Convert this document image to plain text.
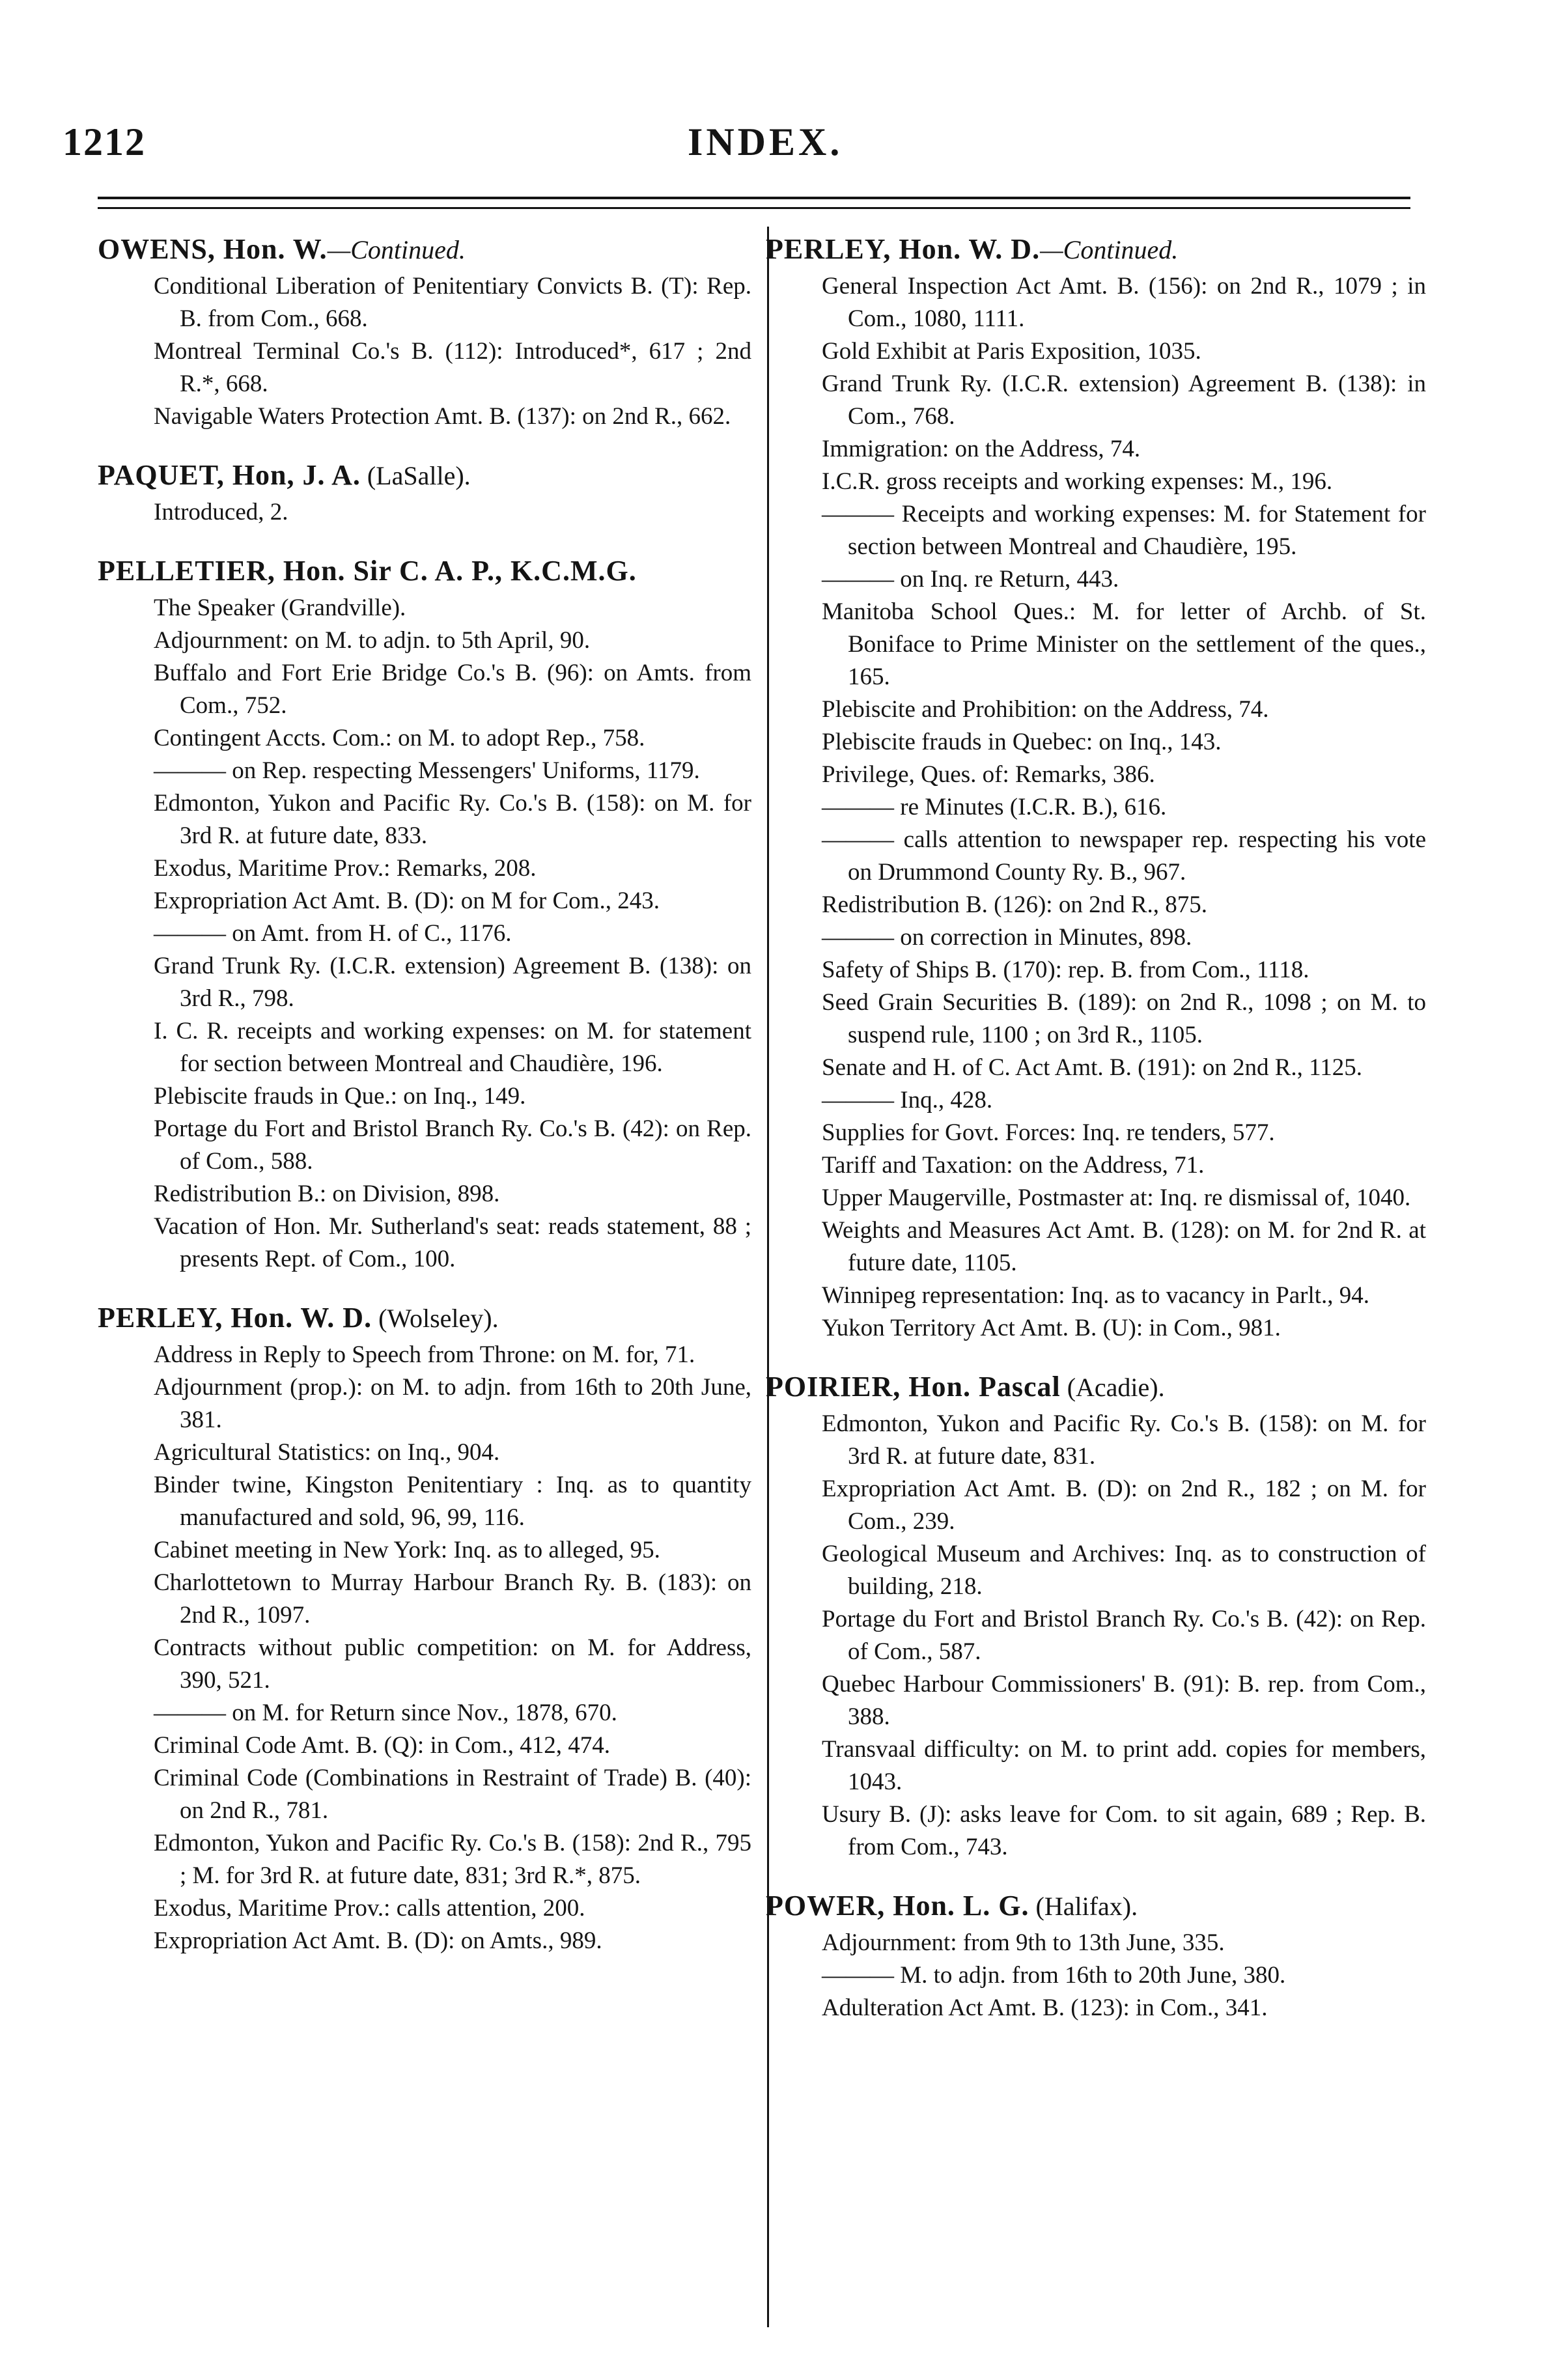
1212	INDEX.
OWENS, Hon. W.—Continued.
Conditional Liberation of Penitentiary Convicts B. (T): Rep. B. from Com., 668.
Montreal Terminal Co.'s B. (112): Introduced*, 617 ; 2nd R.*, 668.
Navigable Waters Protection Amt. B. (137): on 2nd R., 662.
PAQUET, Hon, J. A. (LaSalle).
Introduced, 2.
PELLETIER, Hon. Sir C. A. P., K.C.M.G.
The Speaker (Grandville).
Adjournment: on M. to adjn. to 5th April, 90.
Buffalo and Fort Erie Bridge Co.'s B. (96): on Amts. from Com., 752.
Contingent Accts. Com.: on M. to adopt Rep., 758.
——— on Rep. respecting Messengers' Uniforms, 1179.
Edmonton, Yukon and Pacific Ry. Co.'s B. (158): on M. for 3rd R. at future date, 833.
Exodus, Maritime Prov.: Remarks, 208.
Expropriation Act Amt. B. (D): on M for Com., 243.
——— on Amt. from H. of C., 1176.
Grand Trunk Ry. (I.C.R. extension) Agreement B. (138): on 3rd R., 798.
I. C. R. receipts and working expenses: on M. for statement for section between Montreal and Chaudière, 196.
Plebiscite frauds in Que.: on Inq., 149.
Portage du Fort and Bristol Branch Ry. Co.'s B. (42): on Rep. of Com., 588.
Redistribution B.: on Division, 898.
Vacation of Hon. Mr. Sutherland's seat: reads statement, 88 ; presents Rept. of Com., 100.
PERLEY, Hon. W. D. (Wolseley).
Address in Reply to Speech from Throne: on M. for, 71.
Adjournment (prop.): on M. to adjn. from 16th to 20th June, 381.
Agricultural Statistics: on Inq., 904.
Binder twine, Kingston Penitentiary : Inq. as to quantity manufactured and sold, 96, 99, 116.
Cabinet meeting in New York: Inq. as to alleged, 95.
Charlottetown to Murray Harbour Branch Ry. B. (183): on 2nd R., 1097.
Contracts without public competition: on M. for Address, 390, 521.
——— on M. for Return since Nov., 1878, 670.
Criminal Code Amt. B. (Q): in Com., 412, 474.
Criminal Code (Combinations in Restraint of Trade) B. (40): on 2nd R., 781.
Edmonton, Yukon and Pacific Ry. Co.'s B. (158): 2nd R., 795 ; M. for 3rd R. at future date, 831; 3rd R.*, 875.
Exodus, Maritime Prov.: calls attention, 200.
Expropriation Act Amt. B. (D): on Amts., 989.
PERLEY, Hon. W. D.—Continued.
General Inspection Act Amt. B. (156): on 2nd R., 1079 ; in Com., 1080, 1111.
Gold Exhibit at Paris Exposition, 1035.
Grand Trunk Ry. (I.C.R. extension) Agreement B. (138): in Com., 768.
Immigration: on the Address, 74.
I.C.R. gross receipts and working expenses: M., 196.
——— Receipts and working expenses: M. for Statement for section between Montreal and Chaudière, 195.
——— on Inq. re Return, 443.
Manitoba School Ques.: M. for letter of Archb. of St. Boniface to Prime Minister on the settlement of the ques., 165.
Plebiscite and Prohibition: on the Address, 74.
Plebiscite frauds in Quebec: on Inq., 143.
Privilege, Ques. of: Remarks, 386.
——— re Minutes (I.C.R. B.), 616.
——— calls attention to newspaper rep. respecting his vote on Drummond County Ry. B., 967.
Redistribution B. (126): on 2nd R., 875.
——— on correction in Minutes, 898.
Safety of Ships B. (170): rep. B. from Com., 1118.
Seed Grain Securities B. (189): on 2nd R., 1098 ; on M. to suspend rule, 1100 ; on 3rd R., 1105.
Senate and H. of C. Act Amt. B. (191): on 2nd R., 1125.
——— Inq., 428.
Supplies for Govt. Forces: Inq. re tenders, 577.
Tariff and Taxation: on the Address, 71.
Upper Maugerville, Postmaster at: Inq. re dismissal of, 1040.
Weights and Measures Act Amt. B. (128): on M. for 2nd R. at future date, 1105.
Winnipeg representation: Inq. as to vacancy in Parlt., 94.
Yukon Territory Act Amt. B. (U): in Com., 981.
POIRIER, Hon. Pascal (Acadie).
Edmonton, Yukon and Pacific Ry. Co.'s B. (158): on M. for 3rd R. at future date, 831.
Expropriation Act Amt. B. (D): on 2nd R., 182 ; on M. for Com., 239.
Geological Museum and Archives: Inq. as to construction of building, 218.
Portage du Fort and Bristol Branch Ry. Co.'s B. (42): on Rep. of Com., 587.
Quebec Harbour Commissioners' B. (91): B. rep. from Com., 388.
Transvaal difficulty: on M. to print add. copies for members, 1043.
Usury B. (J): asks leave for Com. to sit again, 689 ; Rep. B. from Com., 743.
POWER, Hon. L. G. (Halifax).
Adjournment: from 9th to 13th June, 335.
——— M. to adjn. from 16th to 20th June, 380.
Adulteration Act Amt. B. (123): in Com., 341.
